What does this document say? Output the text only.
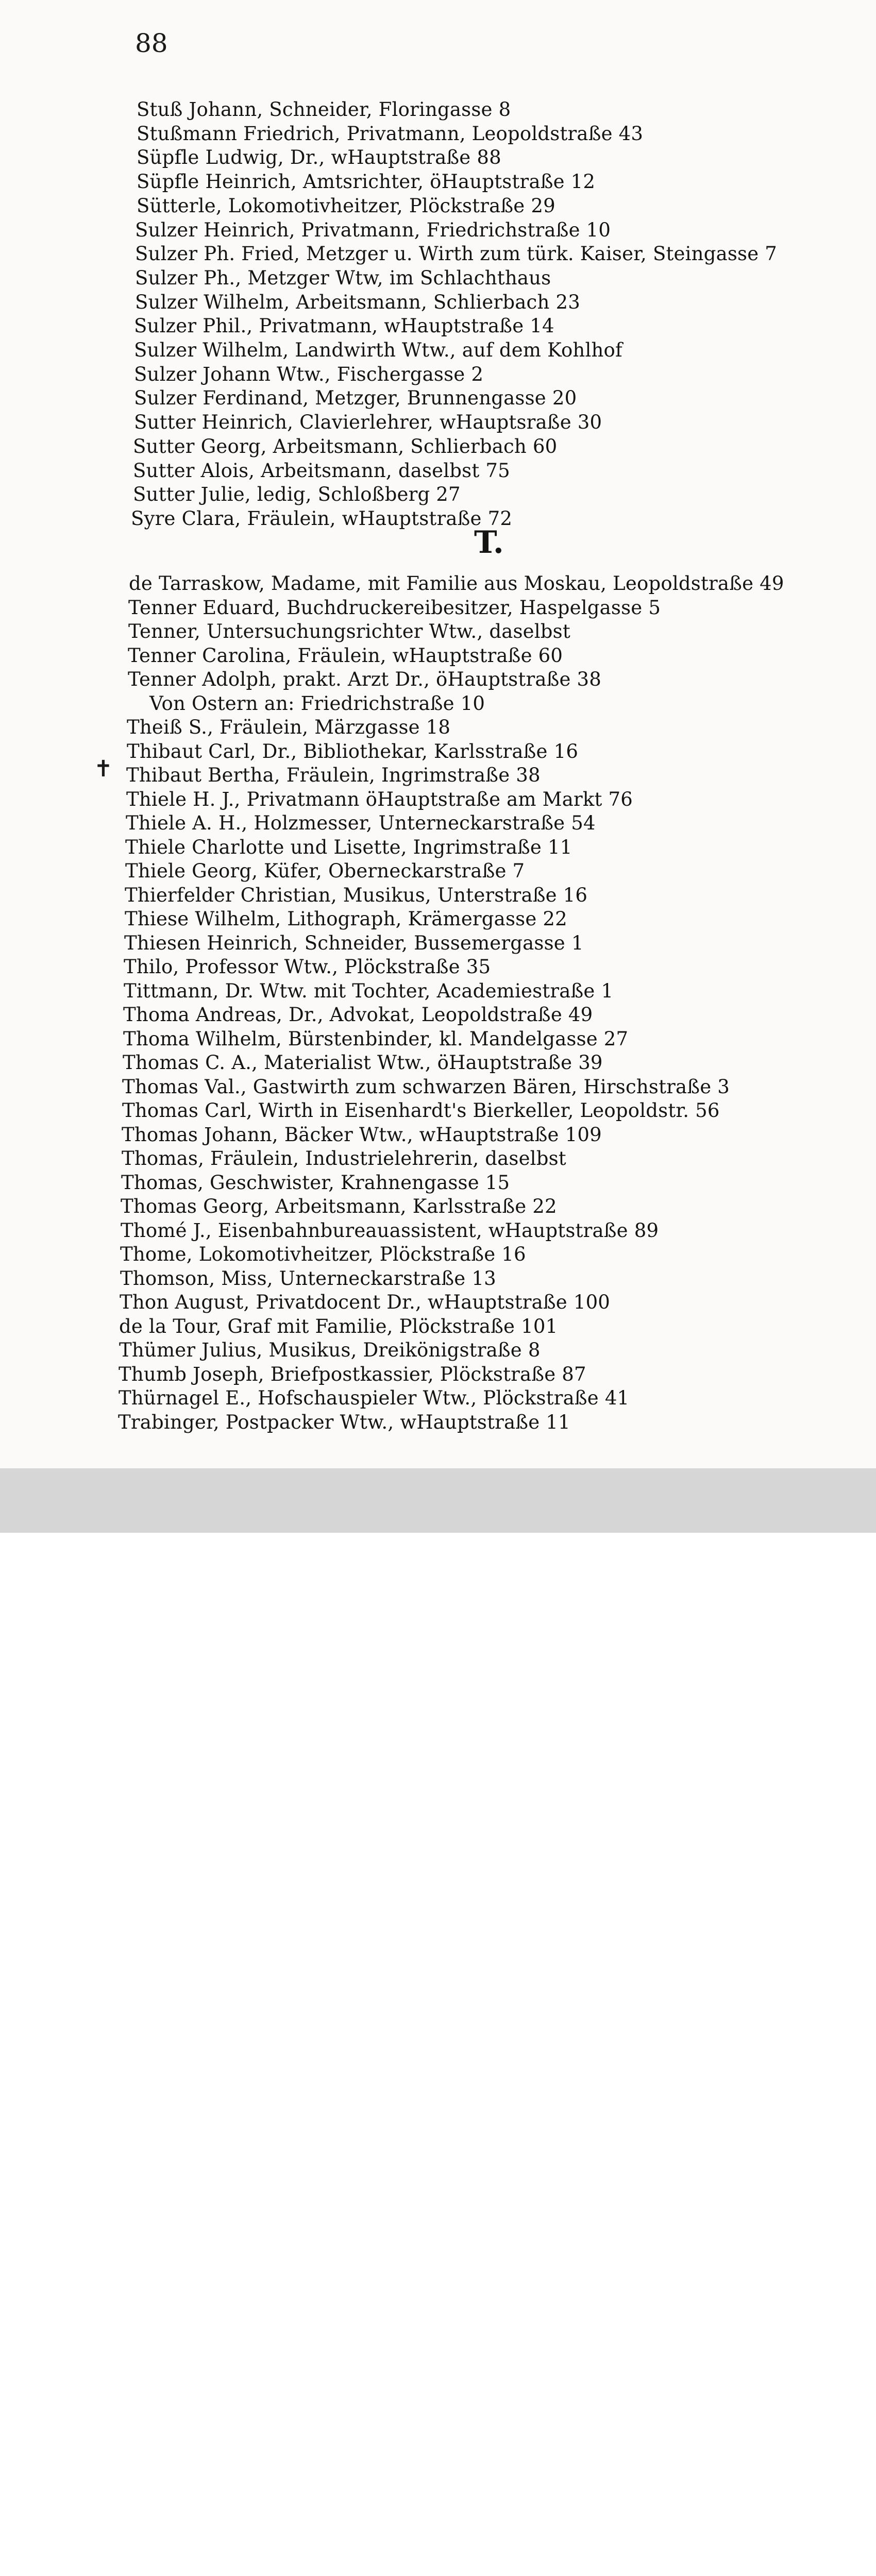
88
Stuß Johann, Schneider, Floringasse 8
Stußmann Friedrich, Privatmann, Leopoldstraße 43
Süpfle Ludwig, Dr., wHauptstraße 88
Süpfle Heinrich, Amtsrichter, öHauptstraße 12
Sütterle, Lokomotivheitzer, Plöckstraße 29
Sulzer Heinrich, Privatmann, Friedrichstraße 10
Sulzer Ph. Fried, Metzger u. Wirth zum türk. Kaiser, Steingasse 7
Sulzer Ph., Metzger Wtw, im Schlachthaus
Sulzer Wilhelm, Arbeitsmann, Schlierbach 23
Sulzer Phil., Privatmann, wHauptstraße 14
Sulzer Wilhelm, Landwirth Wtw., auf dem Kohlhof
Sulzer Johann Wtw., Fischergasse 2
Sulzer Ferdinand, Metzger, Brunnengasse 20
Sutter Heinrich, Clavierlehrer, wHauptsraße 30
Sutter Georg, Arbeitsmann, Schlierbach 60
Sutter Alois, Arbeitsmann, daselbst 75
Sutter Julie, ledig, Schloßberg 27
Syre Clara, Fräulein, wHauptstraße 72
T.
de Tarraskow, Madame, mit Familie aus Moskau, Leopoldstraße 49
Tenner Eduard, Buchdruckereibesitzer, Haspelgasse 5
Tenner, Untersuchungsrichter Wtw., daselbst
Tenner Carolina, Fräulein, wHauptstraße 60
Tenner Adolph, prakt. Arzt Dr., öHauptstraße 38
Von Ostern an: Friedrichstraße 10
Theiß S., Fräulein, Märzgasse 18
Thibaut Carl, Dr., Bibliothekar, Karlsstraße 16
Thibaut Bertha, Fräulein, Ingrimstraße 38
Thiele H. J., Privatmann öHauptstraße am Markt 76
Thiele A. H., Holzmesser, Unterneckarstraße 54
Thiele Charlotte und Lisette, Ingrimstraße 11
Thiele Georg, Küfer, Oberneckarstraße 7
Thierfelder Christian, Musikus, Unterstraße 16
Thiese Wilhelm, Lithograph, Krämergasse 22
Thiesen Heinrich, Schneider, Bussemergasse 1
Thilo, Professor Wtw., Plöckstraße 35
Tittmann, Dr. Wtw. mit Tochter, Academiestraße 1
Thoma Andreas, Dr., Advokat, Leopoldstraße 49
Thoma Wilhelm, Bürstenbinder, kl. Mandelgasse 27
Thomas C. A., Materialist Wtw., öHauptstraße 39
Thomas Val., Gastwirth zum schwarzen Bären, Hirschstraße 3
Thomas Carl, Wirth in Eisenhardt's Bierkeller, Leopoldstr. 56
Thomas Johann, Bäcker Wtw., wHauptstraße 109
Thomas, Fräulein, Industrielehrerin, daselbst
Thomas, Geschwister, Krahnengasse 15
Thomas Georg, Arbeitsmann, Karlsstraße 22
Thomé J., Eisenbahnbureauassistent, wHauptstraße 89
Thome, Lokomotivheitzer, Plöckstraße 16
Thomson, Miss, Unterneckarstraße 13
Thon August, Privatdocent Dr., wHauptstraße 100
de la Tour, Graf mit Familie, Plöckstraße 101
Thümer Julius, Musikus, Dreikönigstraße 8
Thumb Joseph, Briefpostkassier, Plöckstraße 87
Thürnagel E., Hofschauspieler Wtw., Plöckstraße 41
Trabinger, Postpacker Wtw., wHauptstraße 11
✝
